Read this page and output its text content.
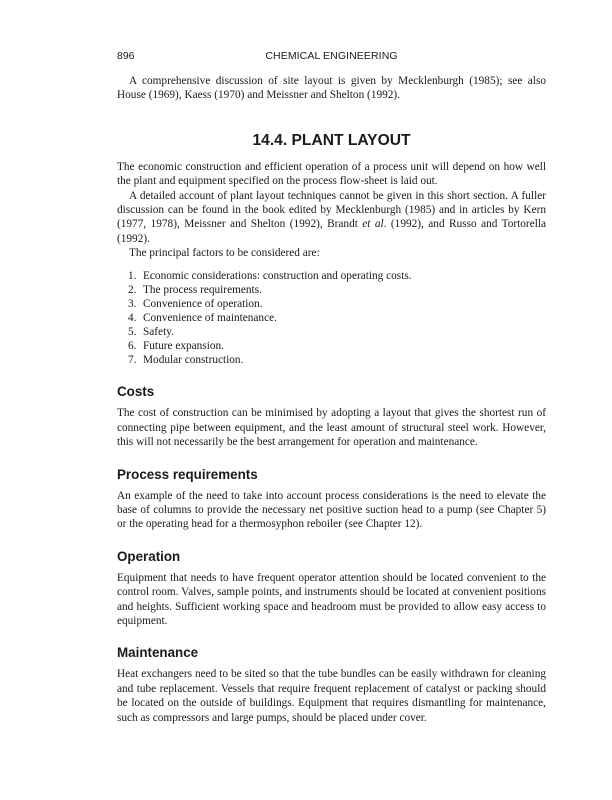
896	CHEMICAL ENGINEERING

A comprehensive discussion of site layout is given by Mecklenburgh (1985); see also House (1969), Kaess (1970) and Meissner and Shelton (1992).

14.4. PLANT LAYOUT

The economic construction and efficient operation of a process unit will depend on how well the plant and equipment specified on the process flow-sheet is laid out.

A detailed account of plant layout techniques cannot be given in this short section. A fuller discussion can be found in the book edited by Mecklenburgh (1985) and in articles by Kern (1977, 1978), Meissner and Shelton (1992), Brandt et al. (1992), and Russo and Tortorella (1992).

The principal factors to be considered are:

1. Economic considerations: construction and operating costs.
2. The process requirements.
3. Convenience of operation.
4. Convenience of maintenance.
5. Safety.
6. Future expansion.
7. Modular construction.
Costs

The cost of construction can be minimised by adopting a layout that gives the shortest run of connecting pipe between equipment, and the least amount of structural steel work. However, this will not necessarily be the best arrangement for operation and maintenance.

Process requirements

An example of the need to take into account process considerations is the need to elevate the base of columns to provide the necessary net positive suction head to a pump (see Chapter 5) or the operating head for a thermosyphon reboiler (see Chapter 12).

Operation

Equipment that needs to have frequent operator attention should be located convenient to the control room. Valves, sample points, and instruments should be located at convenient positions and heights. Sufficient working space and headroom must be provided to allow easy access to equipment.

Maintenance

Heat exchangers need to be sited so that the tube bundles can be easily withdrawn for cleaning and tube replacement. Vessels that require frequent replacement of catalyst or packing should be located on the outside of buildings. Equipment that requires dismantling for maintenance, such as compressors and large pumps, should be placed under cover.
